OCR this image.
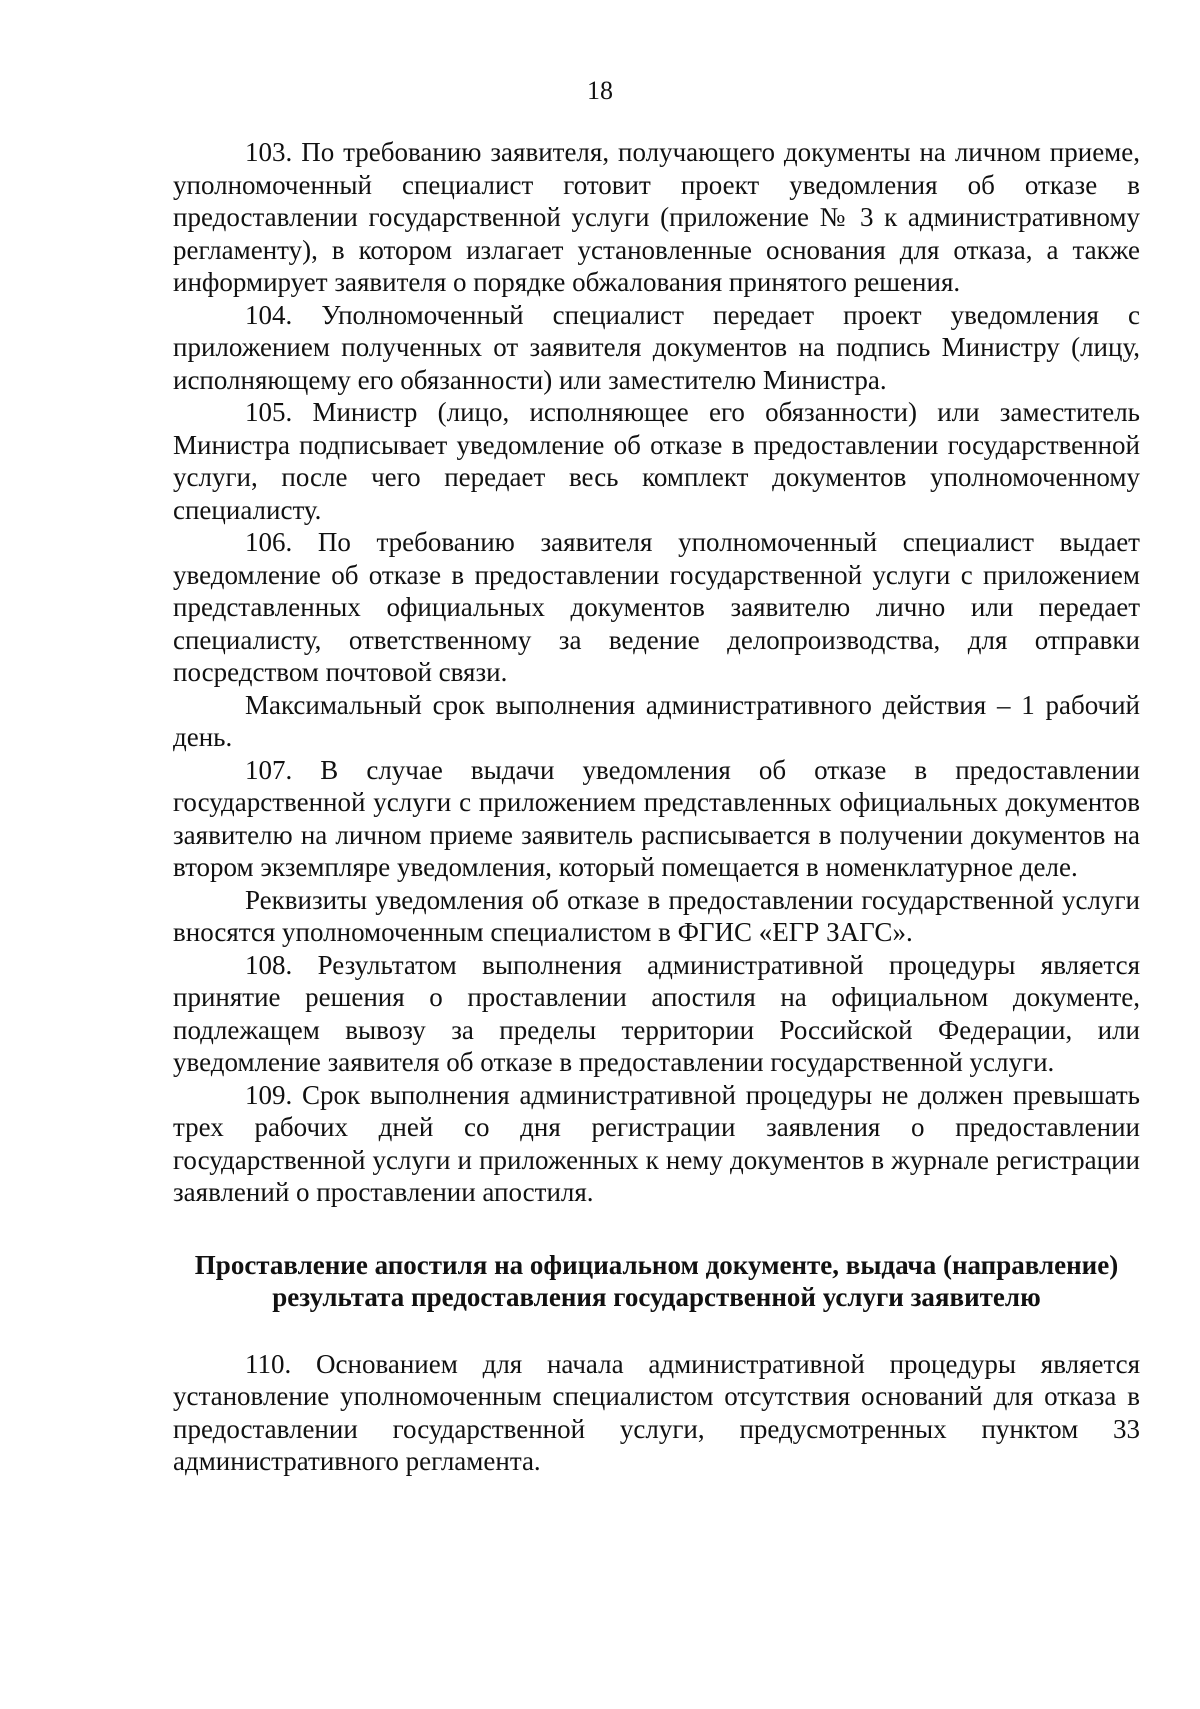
18

103. По требованию заявителя, получающего документы на личном приеме, уполномоченный специалист готовит проект уведомления об отказе в предоставлении государственной услуги (приложение № 3 к административному регламенту), в котором излагает установленные основания для отказа, а также информирует заявителя о порядке обжалования принятого решения.

104. Уполномоченный специалист передает проект уведомления с приложением полученных от заявителя документов на подпись Министру (лицу, исполняющему его обязанности) или заместителю Министра.

105. Министр (лицо, исполняющее его обязанности) или заместитель Министра подписывает уведомление об отказе в предоставлении государственной услуги, после чего передает весь комплект документов уполномоченному специалисту.

106. По требованию заявителя уполномоченный специалист выдает уведомление об отказе в предоставлении государственной услуги с приложением представленных официальных документов заявителю лично или передает специалисту, ответственному за ведение делопроизводства, для отправки посредством почтовой связи.

Максимальный срок выполнения административного действия – 1 рабочий день.

107. В случае выдачи уведомления об отказе в предоставлении государственной услуги с приложением представленных официальных документов заявителю на личном приеме заявитель расписывается в получении документов на втором экземпляре уведомления, который помещается в номенклатурное деле.

Реквизиты уведомления об отказе в предоставлении государственной услуги вносятся уполномоченным специалистом в ФГИС «ЕГР ЗАГС».

108. Результатом выполнения административной процедуры является принятие решения о проставлении апостиля на официальном документе, подлежащем вывозу за пределы территории Российской Федерации, или уведомление заявителя об отказе в предоставлении государственной услуги.

109. Срок выполнения административной процедуры не должен превышать трех рабочих дней со дня регистрации заявления о предоставлении государственной услуги и приложенных к нему документов в журнале регистрации заявлений о проставлении апостиля.

Проставление апостиля на официальном документе, выдача (направление)
результата предоставления государственной услуги заявителю

110. Основанием для начала административной процедуры является установление уполномоченным специалистом отсутствия оснований для отказа в предоставлении государственной услуги, предусмотренных пунктом 33 административного регламента.
